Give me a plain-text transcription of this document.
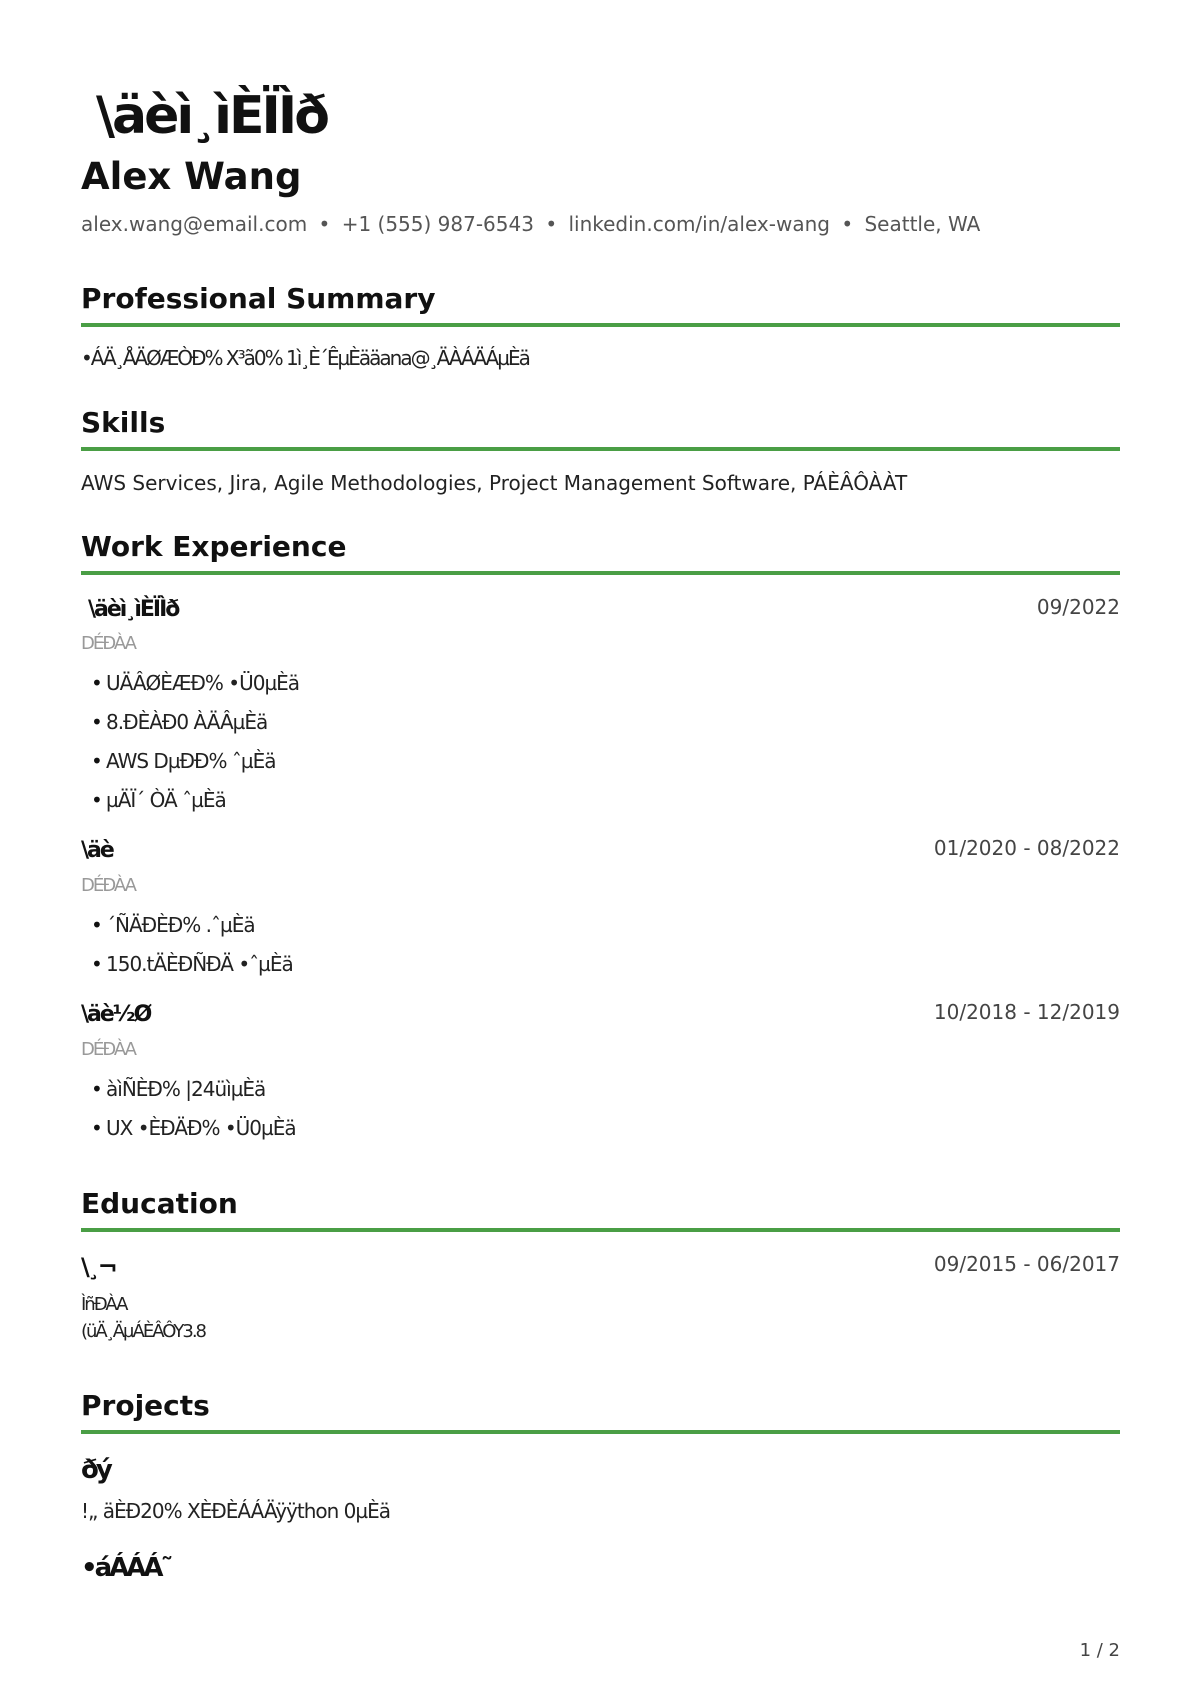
\äèì¸ìÈÏÌð
Alex Wang
alex.wang@email.com • +1 (555) 987-6543 • linkedin.com/in/alex-wang • Seattle, WA
Professional Summary
•ÁÄ¸ÅÄØÆÒÐ% X³ã0% 1ì¸È´ÊµÈääana@¸ÄÀÁÄÁµÈä
Skills
AWS Services, Jira, Agile Methodologies, Project Management Software, PÁÈÂÔÀÀT
Work Experience
\äèì¸ìÈÏÌð	09/2022
DÉÐÀA
• UÄÂØÈÆÐ% •Ü0µÈä
• 8.ÐÈÀÐ0 ÀÄÂµÈä
• AWS DµÐÐ% ˆµÈä
• µÄÏ´ ÒÄ ˆµÈä
\äè	01/2020 - 08/2022
DÉÐÀA
• ´ÑÄÐÈÐ% .ˆµÈä
• 150.tÄÈÐÑÐÄ •ˆµÈä
\äè½Ø	10/2018 - 12/2019
DÉÐÀA
• àìÑÈÐ% |24üìµÈä
• UX •ÈÐÄÐ% •Ü0µÈä
Education
\¸¬	09/2015 - 06/2017
ÌñÐÀA
(üÄ¸ÄµÁÈÂÔY3.8
Projects
ðý
!„ äÈÐ20% XÈÐÈÁÁÄÿÿthon 0µÈä
•áÁÁÁ˜
1 / 2
